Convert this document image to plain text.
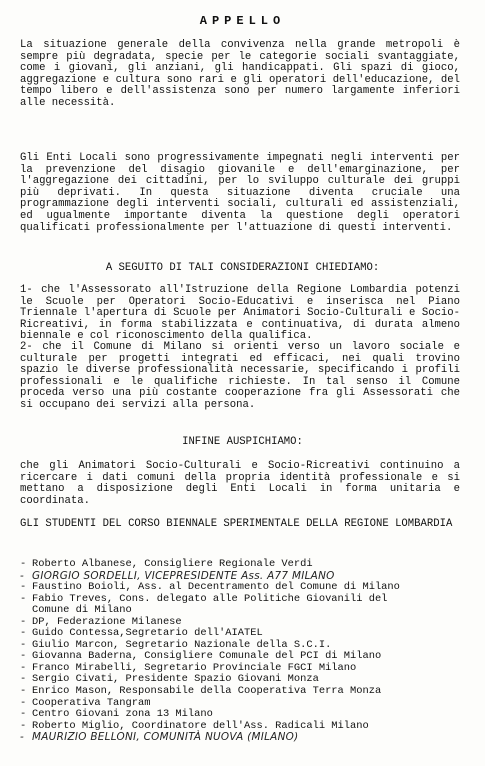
APPELLO
La situazione generale della convivenza nella grande metropoli è sempre più degradata, specie per le categorie sociali svantaggiate, come i giovani, gli anziani, gli handicappati. Gli spazi di gioco, aggregazione e cultura sono rari e gli operatori dell'educazione, del tempo libero e dell'assistenza sono per numero largamente inferiori alle necessità.
Gli Enti Locali sono progressivamente impegnati negli interventi per la prevenzione del disagio giovanile e dell'emarginazione, per l'aggregazione dei cittadini, per lo sviluppo culturale dei gruppi più deprivati. In questa situazione diventa cruciale una programmazione degli interventi sociali, culturali ed assistenziali, ed ugualmente importante diventa la questione degli operatori qualificati professionalmente per l'attuazione di questi interventi.
A SEGUITO DI TALI CONSIDERAZIONI CHIEDIAMO:
1- che l'Assessorato all'Istruzione della Regione Lombardia potenzi le Scuole per Operatori Socio-Educativi e inserisca nel Piano Triennale l'apertura di Scuole per Animatori Socio-Culturali e Socio-Ricreativi, in forma stabilizzata e continuativa, di durata almeno biennale e col riconoscimento della qualifica.
2- che il Comune di Milano si orienti verso un lavoro sociale e culturale per progetti integrati ed efficaci, nei quali trovino spazio le diverse professionalità necessarie, specificando i profili professionali e le qualifiche richieste. In tal senso il Comune proceda verso una più costante cooperazione fra gli Assessorati che si occupano dei servizi alla persona.
INFINE AUSPICHIAMO:
che gli Animatori Socio-Culturali e Socio-Ricreativi continuino a ricercare i dati comuni della propria identità professionale e si mettano a disposizione degli Enti Locali in forma unitaria e coordinata.
GLI STUDENTI DEL CORSO BIENNALE SPERIMENTALE DELLA REGIONE LOMBARDIA
- Roberto Albanese, Consigliere Regionale Verdi
- GIORGIO SORDELLI, VICEPRESIDENTE Ass. A77 MILANO
- Faustino Boioli, Ass. al Decentramento del Comune di Milano
- Fabio Treves, Cons. delegato alle Politiche Giovanili del
Comune di Milano
- DP, Federazione Milanese
- Guido Contessa,Segretario dell'AIATEL
- Giulio Marcon, Segretario Nazionale della S.C.I.
- Giovanna Baderna, Consigliere Comunale del PCI di Milano
- Franco Mirabelli, Segretario Provinciale FGCI Milano
- Sergio Civati, Presidente Spazio Giovani Monza
- Enrico Mason, Responsabile della Cooperativa Terra Monza
- Cooperativa Tangram
- Centro Giovani zona 13 Milano
- Roberto Miglio, Coordinatore dell'Ass. Radicali Milano
- MAURIZIO BELLONI, COMUNITÀ NUOVA (MILANO)
